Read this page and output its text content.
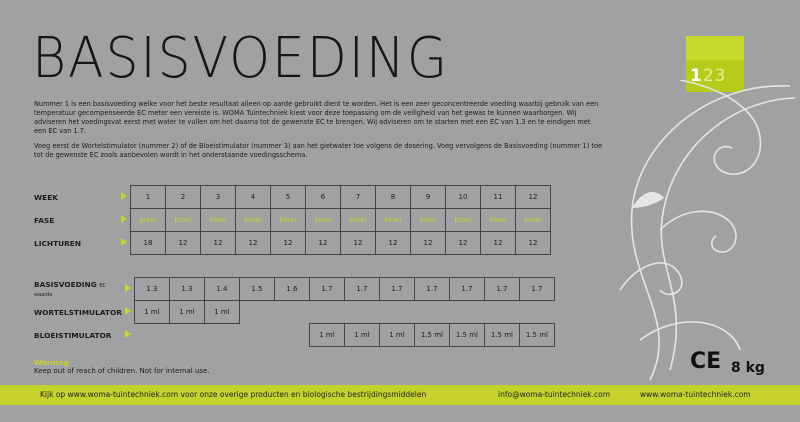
BASISVOEDING	123

Nummer 1 is een basisvoeding welke voor het beste resultaat alleen op aarde gebruikt dient te worden. Het is een zeer geconcentreerde voeding waarbij gebruik van een temperatuur gecompenseerde EC meter een vereiste is. WOMA Tuintechniek kiest voor deze toepassing om de veiligheid van het gewas te kunnen waarborgen. Wij adviseren het voedingsvat eerst met water te vullen om het daarna tot de gewenste EC te brengen. Wij adviseren om te starten met een EC van 1.3 en te eindigen met een EC van 1.7.

Voeg eerst de Wortelstimulator (nummer 2) of de Bloeistimulator (nummer 3) aan het gietwater toe volgens de dosering. Voeg vervolgens de Basisvoeding (nummer 1) toe tot de gewenste EC zoals aanbevolen wordt in het onderstaande voedingsschema.

WEEK		1	2	3	4	5	6	7	8	9	10	11	12
FASE		groei	bloei	bloei	bloei	bloei	bloei	bloei	bloei	bloei	bloei	bloei	bloei
LICHTUREN		18	12	12	12	12	12	12	12	12	12	12	12
BASISVOEDING EC waarde		1.3	1.3	1.4	1.5	1.6	1.7	1.7	1.7	1.7	1.7	1.7	1.7
WORTELSTIMULATOR		1 ml	1 ml	1 ml									
BLOEISTIMULATOR							1 ml	1 ml	1 ml	1.5 ml	1.5 ml	1.5 ml	1.5 ml
Warning
Keep out of reach of children. Not for internal use.	CE 8 kg
Kijk op www.woma-tuintechniek.com voor onze overige producten en biologische bestrijdingsmiddelen	info@woma-tuintechniek.com	www.woma-tuintechniek.com
